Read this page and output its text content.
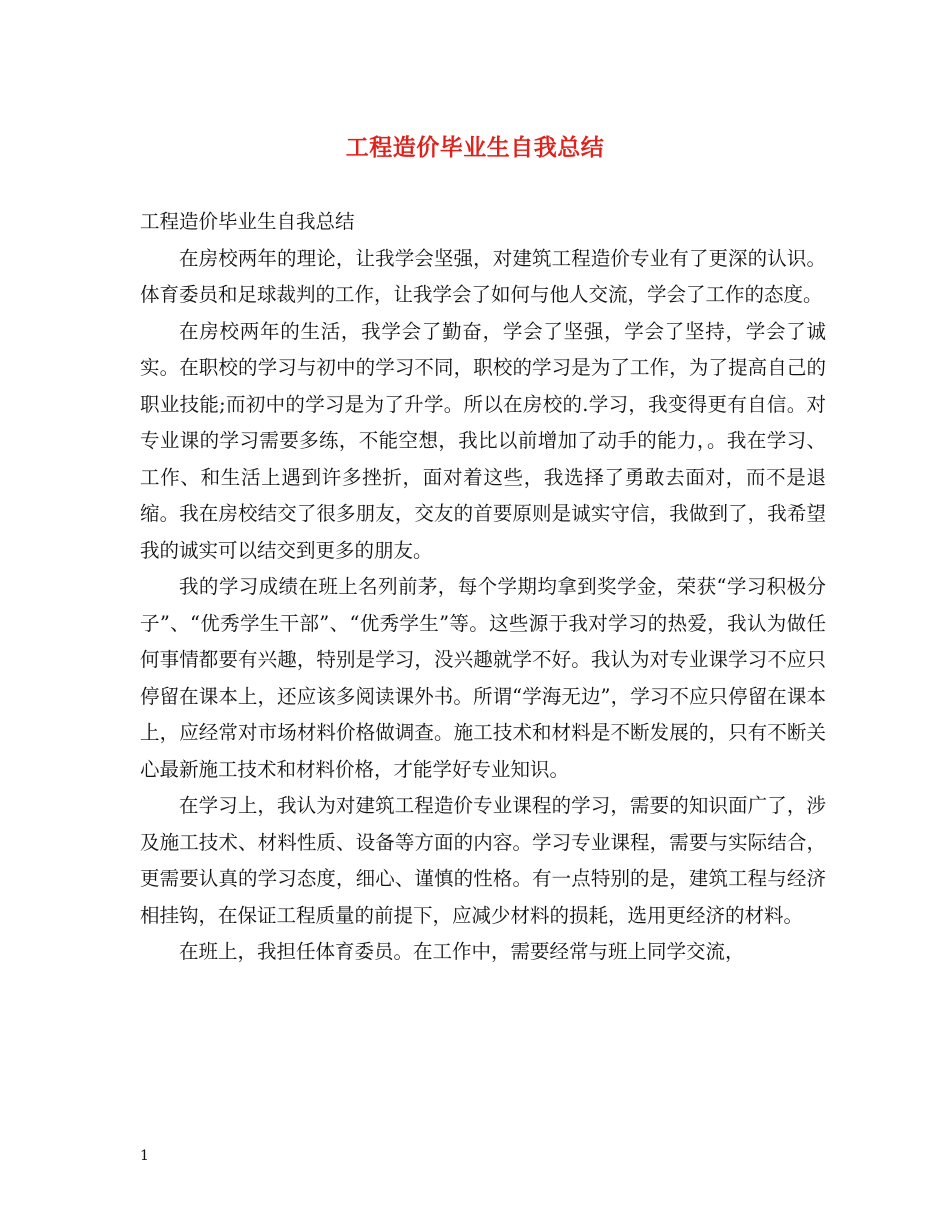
工程造价毕业生自我总结

工程造价毕业生自我总结

在房校两年的理论，让我学会坚强，对建筑工程造价专业有了更深的认识。体育委员和足球裁判的工作，让我学会了如何与他人交流，学会了工作的态度。

在房校两年的生活，我学会了勤奋，学会了坚强，学会了坚持，学会了诚实。在职校的学习与初中的学习不同，职校的学习是为了工作，为了提高自己的职业技能;而初中的学习是为了升学。所以在房校的.学习，我变得更有自信。对专业课的学习需要多练，不能空想，我比以前增加了动手的能力，。我在学习、工作、和生活上遇到许多挫折，面对着这些，我选择了勇敢去面对，而不是退缩。我在房校结交了很多朋友，交友的首要原则是诚实守信，我做到了，我希望我的诚实可以结交到更多的朋友。

我的学习成绩在班上名列前茅，每个学期均拿到奖学金，荣获“学习积极分子”、“优秀学生干部”、“优秀学生”等。这些源于我对学习的热爱，我认为做任何事情都要有兴趣，特别是学习，没兴趣就学不好。我认为对专业课学习不应只停留在课本上，还应该多阅读课外书。所谓“学海无边”，学习不应只停留在课本上，应经常对市场材料价格做调查。施工技术和材料是不断发展的，只有不断关心最新施工技术和材料价格，才能学好专业知识。

在学习上，我认为对建筑工程造价专业课程的学习，需要的知识面广了，涉及施工技术、材料性质、设备等方面的内容。学习专业课程，需要与实际结合，更需要认真的学习态度，细心、谨慎的性格。有一点特别的是，建筑工程与经济相挂钩，在保证工程质量的前提下，应减少材料的损耗，选用更经济的材料。

在班上，我担任体育委员。在工作中，需要经常与班上同学交流，

1
